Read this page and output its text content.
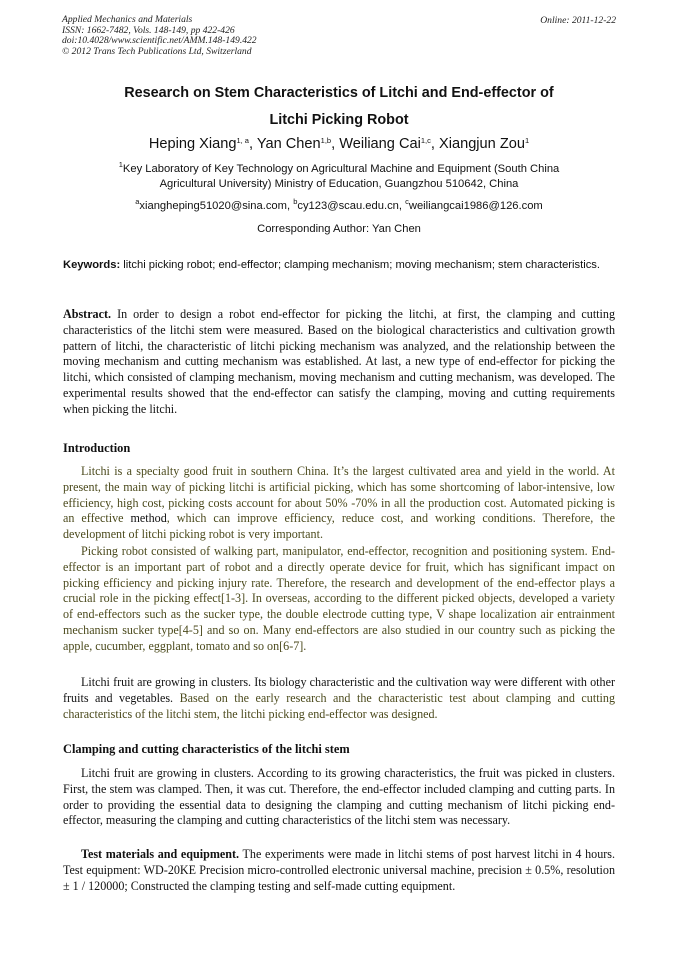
Applied Mechanics and Materials
ISSN: 1662-7482, Vols. 148-149, pp 422-426
doi:10.4028/www.scientific.net/AMM.148-149.422
© 2012 Trans Tech Publications Ltd, Switzerland
Online: 2011-12-22
Research on Stem Characteristics of Litchi and End-effector of
Litchi Picking Robot
Heping Xiang$^{1, a}$, Yan Chen$^{1,b}$, Weiliang Cai$^{1,c}$, Xiangjun Zou$^1$
$^1$Key Laboratory of Key Technology on Agricultural Machine and Equipment (South China
Agricultural University) Ministry of Education, Guangzhou 510642, China
$^a$xiangheping51020@sina.com, $^b$cy123@scau.edu.cn, $^c$weiliangcai1986@126.com
Corresponding Author: Yan Chen
Keywords: litchi picking robot; end-effector; clamping mechanism; moving mechanism; stem characteristics.
Abstract. In order to design a robot end-effector for picking the litchi, at first, the clamping and cutting characteristics of the litchi stem were measured. Based on the biological characteristics and cultivation growth pattern of litchi, the characteristic of litchi picking mechanism was analyzed, and the relationship between the moving mechanism and cutting mechanism was established. At last, a new type of end-effector for picking the litchi, which consisted of clamping mechanism, moving mechanism and cutting mechanism, was developed. The experimental results showed that the end-effector can satisfy the clamping, moving and cutting requirements when picking the litchi.
Introduction
Litchi is a specialty good fruit in southern China. It’s the largest cultivated area and yield in the world. At present, the main way of picking litchi is artificial picking, which has some shortcoming of labor-intensive, low efficiency, high cost, picking costs account for about 50% -70% in all the production cost. Automated picking is an effective method, which can improve efficiency, reduce cost, and working conditions. Therefore, the development of litchi picking robot is very important.
Picking robot consisted of walking part, manipulator, end-effector, recognition and positioning system. End-effector is an important part of robot and a directly operate device for fruit, which has significant impact on picking efficiency and picking injury rate. Therefore, the research and development of the end-effector plays a crucial role in the picking effect[1-3]. In overseas, according to the different picked objects, developed a variety of end-effectors such as the sucker type, the double electrode cutting type, V shape localization air entrainment mechanism sucker type[4-5] and so on. Many end-effectors are also studied in our country such as picking the apple, cucumber, eggplant, tomato and so on[6-7].
Litchi fruit are growing in clusters. Its biology characteristic and the cultivation way were different with other fruits and vegetables. Based on the early research and the characteristic test about clamping and cutting characteristics of the litchi stem, the litchi picking end-effector was designed.
Clamping and cutting characteristics of the litchi stem
Litchi fruit are growing in clusters. According to its growing characteristics, the fruit was picked in clusters. First, the stem was clamped. Then, it was cut. Therefore, the end-effector included clamping and cutting parts. In order to providing the essential data to designing the clamping and cutting mechanism of litchi picking end-effector, measuring the clamping and cutting characteristics of the litchi stem was necessary.
Test materials and equipment. The experiments were made in litchi stems of post harvest litchi in 4 hours. Test equipment: WD-20KE Precision micro-controlled electronic universal machine, precision ± 0.5%, resolution ± 1 / 120000; Constructed the clamping testing and self-made cutting equipment.
